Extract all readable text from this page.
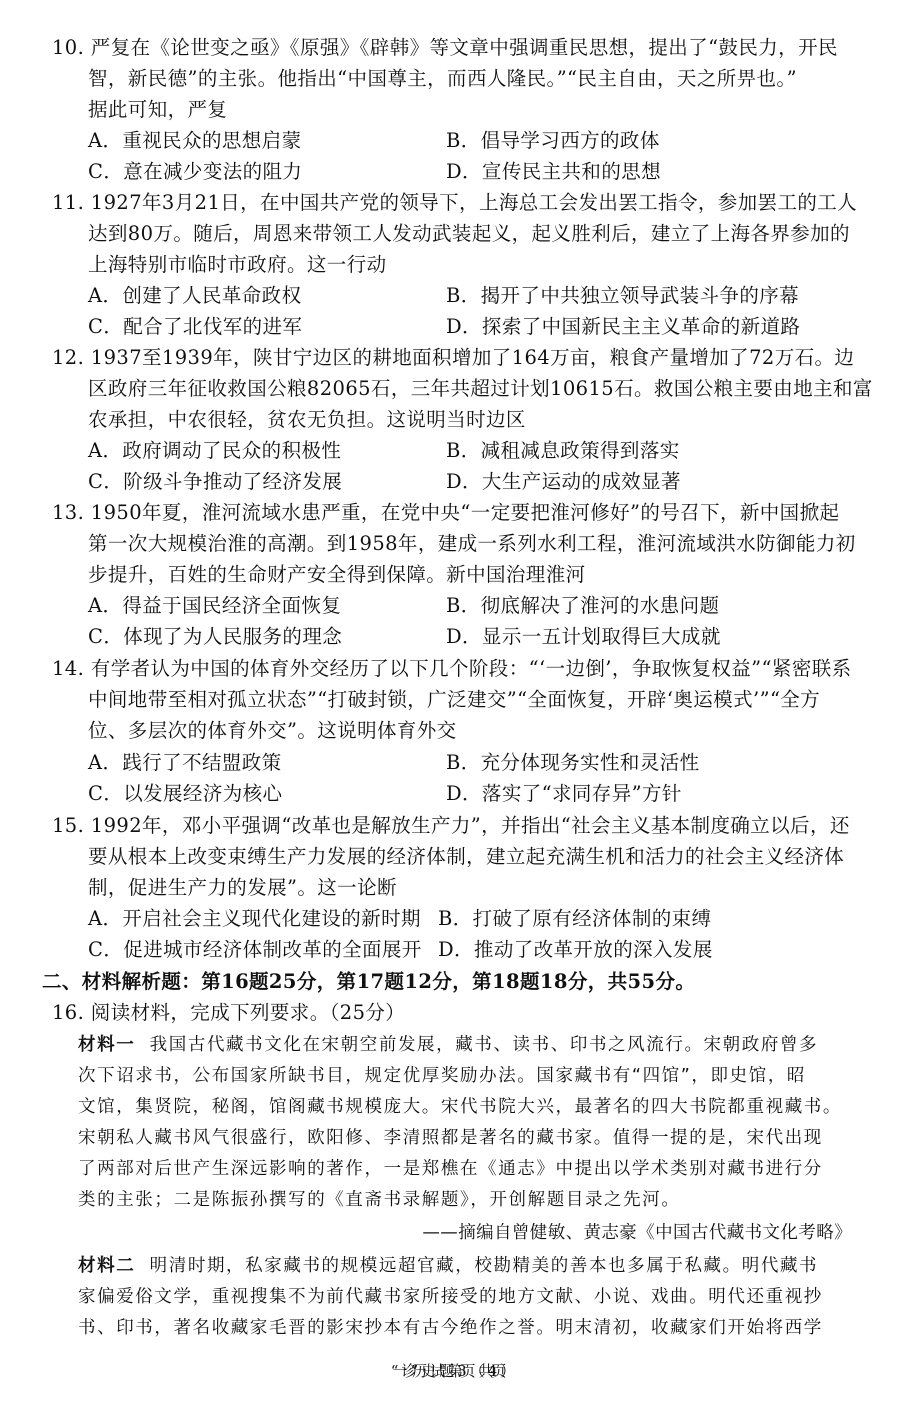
10. 严复在《论世变之亟》《原强》《辟韩》等文章中强调重民思想，提出了“鼓民力，开民
智，新民德”的主张。他指出“中国尊主，而西人隆民。”“民主自由，天之所畀也。”
据此可知，严复
A．重视民众的思想启蒙	B．倡导学习西方的政体
C．意在减少变法的阻力	D．宣传民主共和的思想
11. 1927年3月21日，在中国共产党的领导下，上海总工会发出罢工指令，参加罢工的工人
达到80万。随后，周恩来带领工人发动武装起义，起义胜利后，建立了上海各界参加的
上海特别市临时市政府。这一行动
A．创建了人民革命政权	B．揭开了中共独立领导武装斗争的序幕
C．配合了北伐军的进军	D．探索了中国新民主主义革命的新道路
12. 1937至1939年，陕甘宁边区的耕地面积增加了164万亩，粮食产量增加了72万石。边
区政府三年征收救国公粮82065石，三年共超过计划10615石。救国公粮主要由地主和富
农承担，中农很轻，贫农无负担。这说明当时边区
A．政府调动了民众的积极性	B．减租减息政策得到落实
C．阶级斗争推动了经济发展	D．大生产运动的成效显著
13. 1950年夏，淮河流域水患严重，在党中央“一定要把淮河修好”的号召下，新中国掀起
第一次大规模治淮的高潮。到1958年，建成一系列水利工程，淮河流域洪水防御能力初
步提升，百姓的生命财产安全得到保障。新中国治理淮河
A．得益于国民经济全面恢复	B．彻底解决了淮河的水患问题
C．体现了为人民服务的理念	D．显示一五计划取得巨大成就
14. 有学者认为中国的体育外交经历了以下几个阶段：“‘一边倒’，争取恢复权益”“紧密联系
中间地带至相对孤立状态”“打破封锁，广泛建交”“全面恢复，开辟‘奥运模式’”“全方
位、多层次的体育外交”。这说明体育外交
A．践行了不结盟政策	B．充分体现务实性和灵活性
C．以发展经济为核心	D．落实了“求同存异”方针
15. 1992年，邓小平强调“改革也是解放生产力”，并指出“社会主义基本制度确立以后，还
要从根本上改变束缚生产力发展的经济体制，建立起充满生机和活力的社会主义经济体
制，促进生产力的发展”。这一论断
A．开启社会主义现代化建设的新时期 B．打破了原有经济体制的束缚
C．促进城市经济体制改革的全面展开 D．推动了改革开放的深入发展
二、材料解析题：第16题25分，第17题12分，第18题18分，共55分。
16. 阅读材料，完成下列要求。（25分）
材料一 我国古代藏书文化在宋朝空前发展，藏书、读书、印书之风流行。宋朝政府曾多
次下诏求书，公布国家所缺书目，规定优厚奖励办法。国家藏书有“四馆”，即史馆，昭
文馆，集贤院，秘阁，馆阁藏书规模庞大。宋代书院大兴，最著名的四大书院都重视藏书。
宋朝私人藏书风气很盛行，欧阳修、李清照都是著名的藏书家。值得一提的是，宋代出现
了两部对后世产生深远影响的著作，一是郑樵在《通志》中提出以学术类别对藏书进行分
类的主张；二是陈振孙撰写的《直斋书录解题》，开创解题目录之先河。
——摘编自曾健敏、黄志豪《中国古代藏书文化考略》
材料二 明清时期，私家藏书的规模远超官藏，校勘精美的善本也多属于私藏。明代藏书
家偏爱俗文学，重视搜集不为前代藏书家所接受的地方文献、小说、戏曲。明代还重视抄
书、印书，著名收藏家毛晋的影宋抄本有古今绝作之誉。明末清初，收藏家们开始将西学
“一诊”历史试题第3页（共4页）
